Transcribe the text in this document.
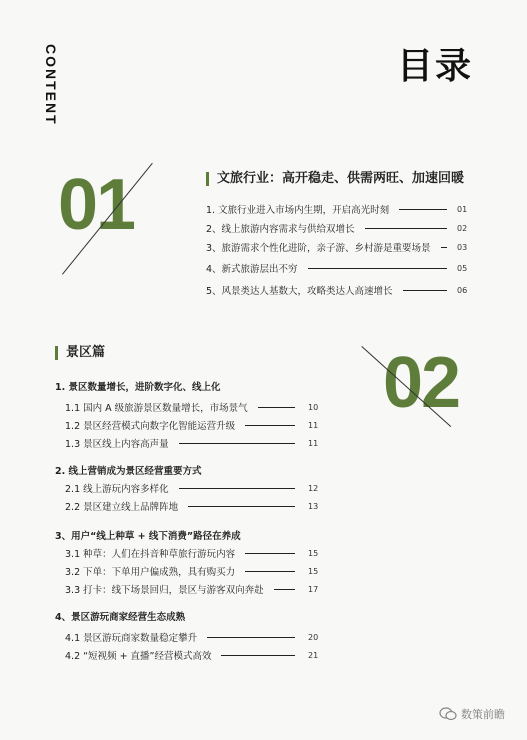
CONTENT	目录
01	文旅行业：高开稳走、供需两旺、加速回暖
1. 文旅行业进入市场内生期，开启高光时刻	01
2、线上旅游内容需求与供给双增长	02
3、旅游需求个性化进阶，亲子游、乡村游是重要场景	03
4、新式旅游层出不穷	05
5、风景类达人基数大，攻略类达人高速增长	06
景区篇	02
1. 景区数量增长，进阶数字化、线上化
1.1 国内 A 级旅游景区数量增长，市场景气	10
1.2 景区经营模式向数字化智能运营升级	11
1.3 景区线上内容高声量	11
2. 线上营销成为景区经营重要方式
2.1 线上游玩内容多样化	12
2.2 景区建立线上品牌阵地	13
3、用户“线上种草 + 线下消费”路径在养成
3.1 种草：人们在抖音种草旅行游玩内容	15
3.2 下单：下单用户偏成熟，具有购买力	15
3.3 打卡：线下场景回归，景区与游客双向奔赴	17
4、景区游玩商家经营生态成熟
4.1 景区游玩商家数量稳定攀升	20
4.2 “短视频 + 直播”经营模式高效	21
数策前瞻
